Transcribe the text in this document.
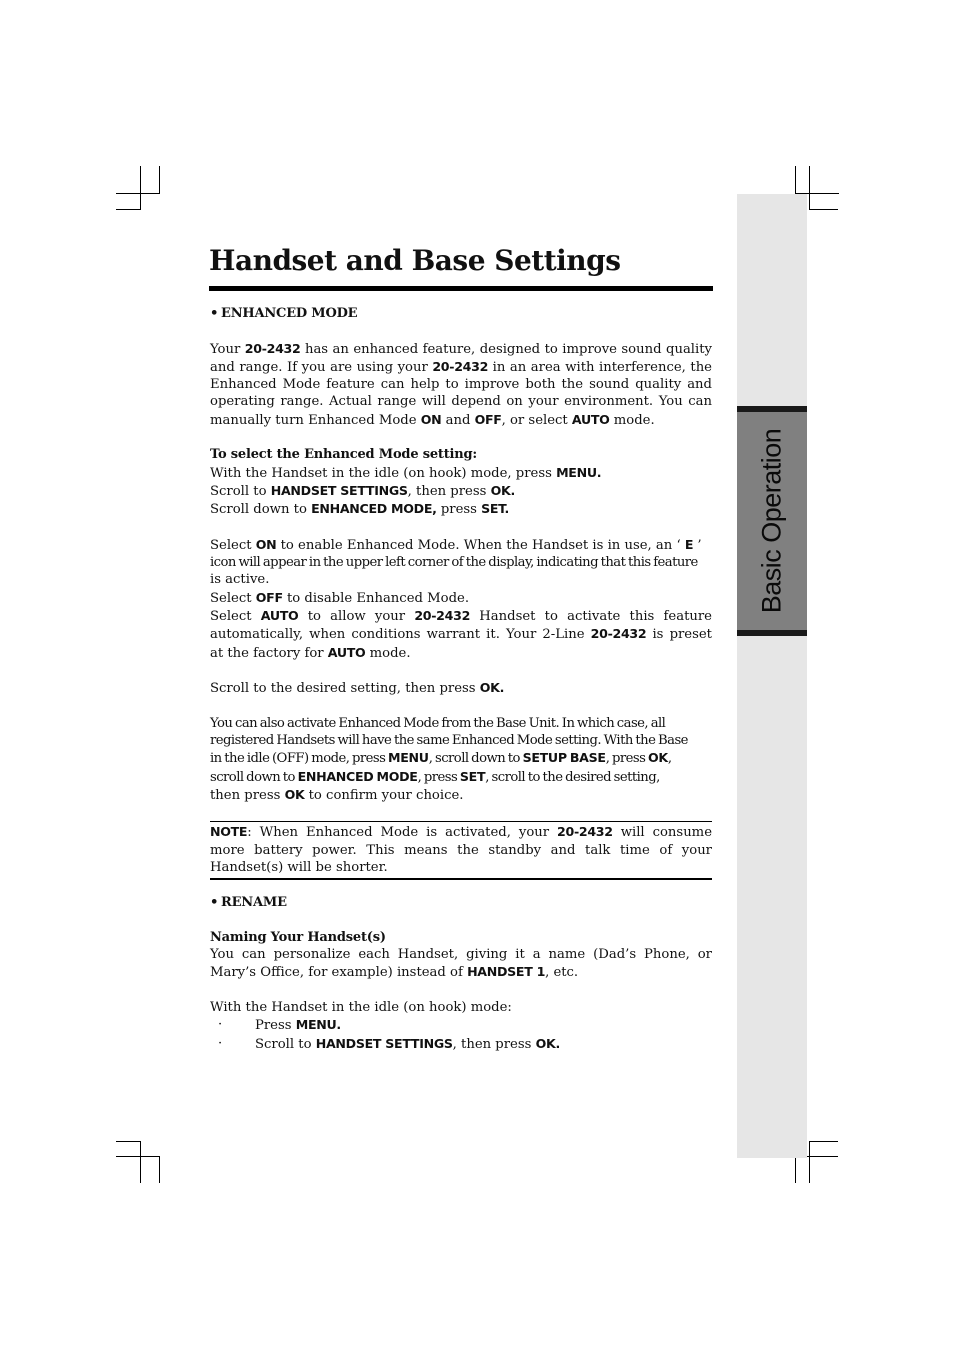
Basic Operation
Handset and Base Settings
• ENHANCED MODE

Your 20-2432 has an enhanced feature, designed to improve sound quality and range. If you are using your 20-2432 in an area with interference, the Enhanced Mode feature can help to improve both the sound quality and operating range. Actual range will depend on your environment. You can manually turn Enhanced Mode ON and OFF, or select AUTO mode.

To select the Enhanced Mode setting:

With the Handset in the idle (on hook) mode, press MENU.

Scroll to HANDSET SETTINGS, then press OK.

Scroll down to ENHANCED MODE, press SET.

Select ON to enable Enhanced Mode. When the Handset is in use, an ‘ E ’

icon will appear in the upper left corner of the display, indicating that this feature

is active.

Select OFF to disable Enhanced Mode.

Select AUTO to allow your 20-2432 Handset to activate this feature automatically, when conditions warrant it. Your 2-Line 20-2432 is preset at the factory for AUTO mode.

Scroll to the desired setting, then press OK.

You can also activate Enhanced Mode from the Base Unit. In which case, all

registered Handsets will have the same Enhanced Mode setting. With the Base

in the idle (OFF) mode, press MENU, scroll down to SETUP BASE, press OK,

scroll down to ENHANCED MODE, press SET, scroll to the desired setting,

then press OK to confirm your choice.

NOTE: When Enhanced Mode is activated, your 20-2432 will consume more battery power. This means the standby and talk time of your Handset(s) will be shorter.

• RENAME

Naming Your Handset(s)

You can personalize each Handset, giving it a name (Dad’s Phone, or Mary’s Office, for example) instead of HANDSET 1, etc.

With the Handset in the idle (on hook) mode:

·	Press MENU.
·	Scroll to HANDSET SETTINGS, then press OK.
